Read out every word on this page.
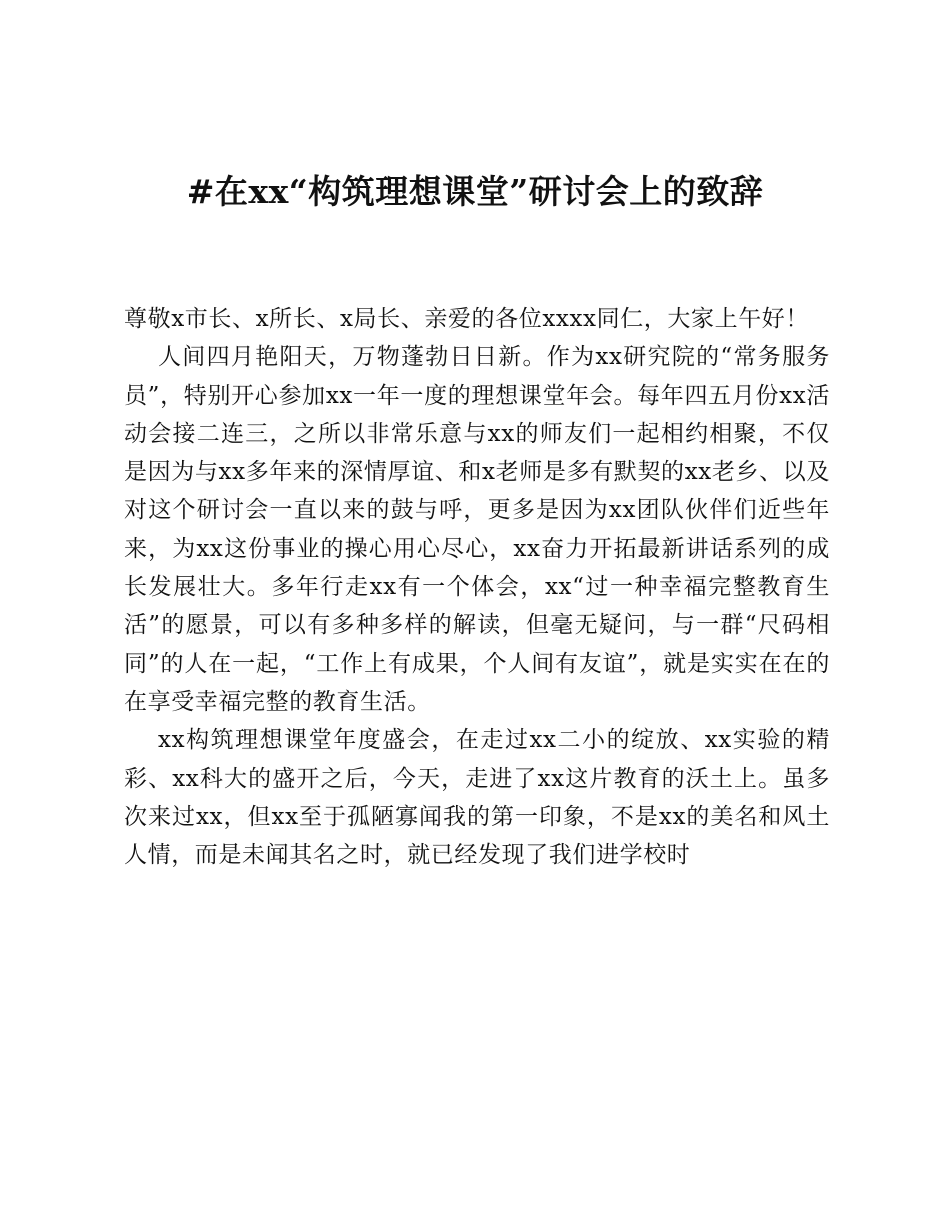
#在xx“构筑理想课堂”研讨会上的致辞

尊敬x市长、x所长、x局长、亲爱的各位xxxx同仁，大家上午好！

人间四月艳阳天，万物蓬勃日日新。作为xx研究院的“常务服务员”，特别开心参加xx一年一度的理想课堂年会。每年四五月份xx活动会接二连三，之所以非常乐意与xx的师友们一起相约相聚，不仅是因为与xx多年来的深情厚谊、和x老师是多有默契的xx老乡、以及对这个研讨会一直以来的鼓与呼，更多是因为xx团队伙伴们近些年来，为xx这份事业的操心用心尽心，xx奋力开拓最新讲话系列的成长发展壮大。多年行走xx有一个体会，xx“过一种幸福完整教育生活”的愿景，可以有多种多样的解读，但毫无疑问，与一群“尺码相同”的人在一起，“工作上有成果，个人间有友谊”，就是实实在在的在享受幸福完整的教育生活。

xx构筑理想课堂年度盛会，在走过xx二小的绽放、xx实验的精彩、xx科大的盛开之后，今天，走进了xx这片教育的沃土上。虽多次来过xx，但xx至于孤陋寡闻我的第一印象，不是xx的美名和风土人情，而是未闻其名之时，就已经发现了我们进学校时
